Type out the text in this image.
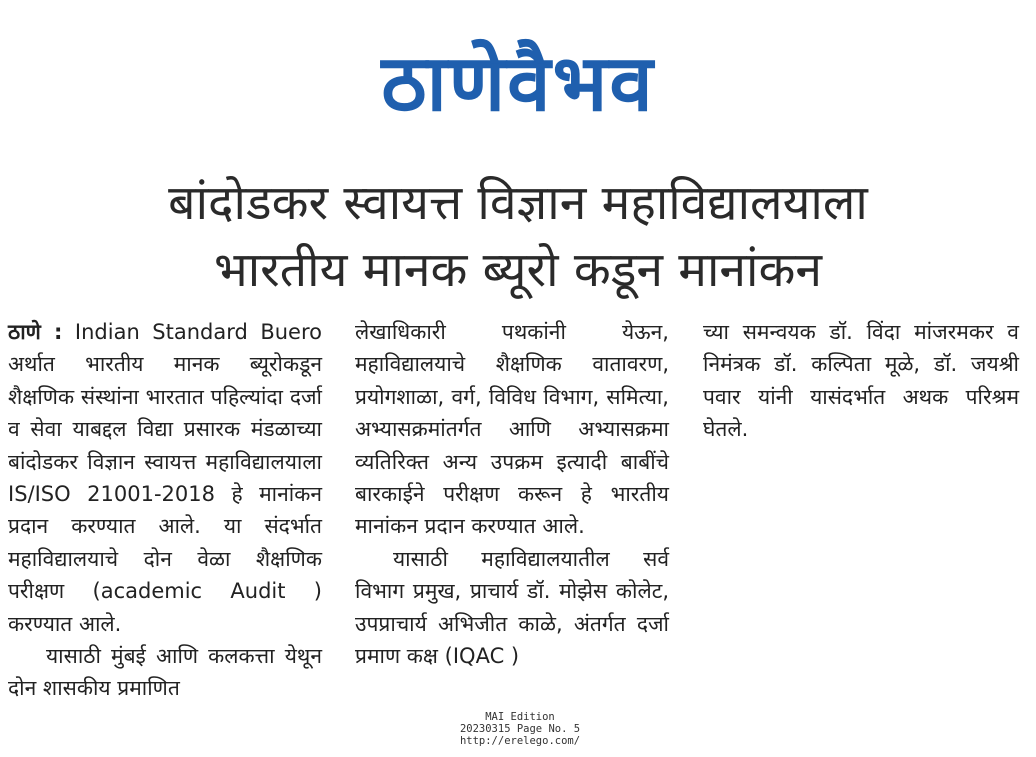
ठाणेवैभव
बांदोडकर स्वायत्त विज्ञान महाविद्यालयाला
भारतीय मानक ब्यूरो कडून मानांकन

ठाणे : Indian Standard Buero अर्थात भारतीय मानक ब्यूरोकडून शैक्षणिक संस्थांना भारतात पहिल्यांदा दर्जा व सेवा याबद्दल विद्या प्रसारक मंडळाच्या बांदोडकर विज्ञान स्वायत्त महाविद्यालयाला IS/ISO 21001-2018 हे मानांकन प्रदान करण्यात आले. या संदर्भात महाविद्यालयाचे दोन वेळा शैक्षणिक परीक्षण (academic Audit ) करण्यात आले.

यासाठी मुंबई आणि कलकत्ता येथून दोन शासकीय प्रमाणित

लेखाधिकारी पथकांनी येऊन, महाविद्यालयाचे शैक्षणिक वातावरण, प्रयोगशाळा, वर्ग, विविध विभाग, समित्या, अभ्यासक्रमांतर्गत आणि अभ्यासक्रमा व्यतिरिक्त अन्य उपक्रम इत्यादी बाबींचे बारकाईने परीक्षण करून हे भारतीय मानांकन प्रदान करण्यात आले.

यासाठी महाविद्यालयातील सर्व विभाग प्रमुख, प्राचार्य डॉ. मोझेस कोलेट, उपप्राचार्य अभिजीत काळे, अंतर्गत दर्जा प्रमाण कक्ष (IQAC )

च्या समन्वयक डॉ. विंदा मांजरमकर व निमंत्रक डॉ. कल्पिता मूळे, डॉ. जयश्री पवार यांनी यासंदर्भात अथक परिश्रम घेतले.

MAI Edition
20230315 Page No. 5
http://erelego.com/
